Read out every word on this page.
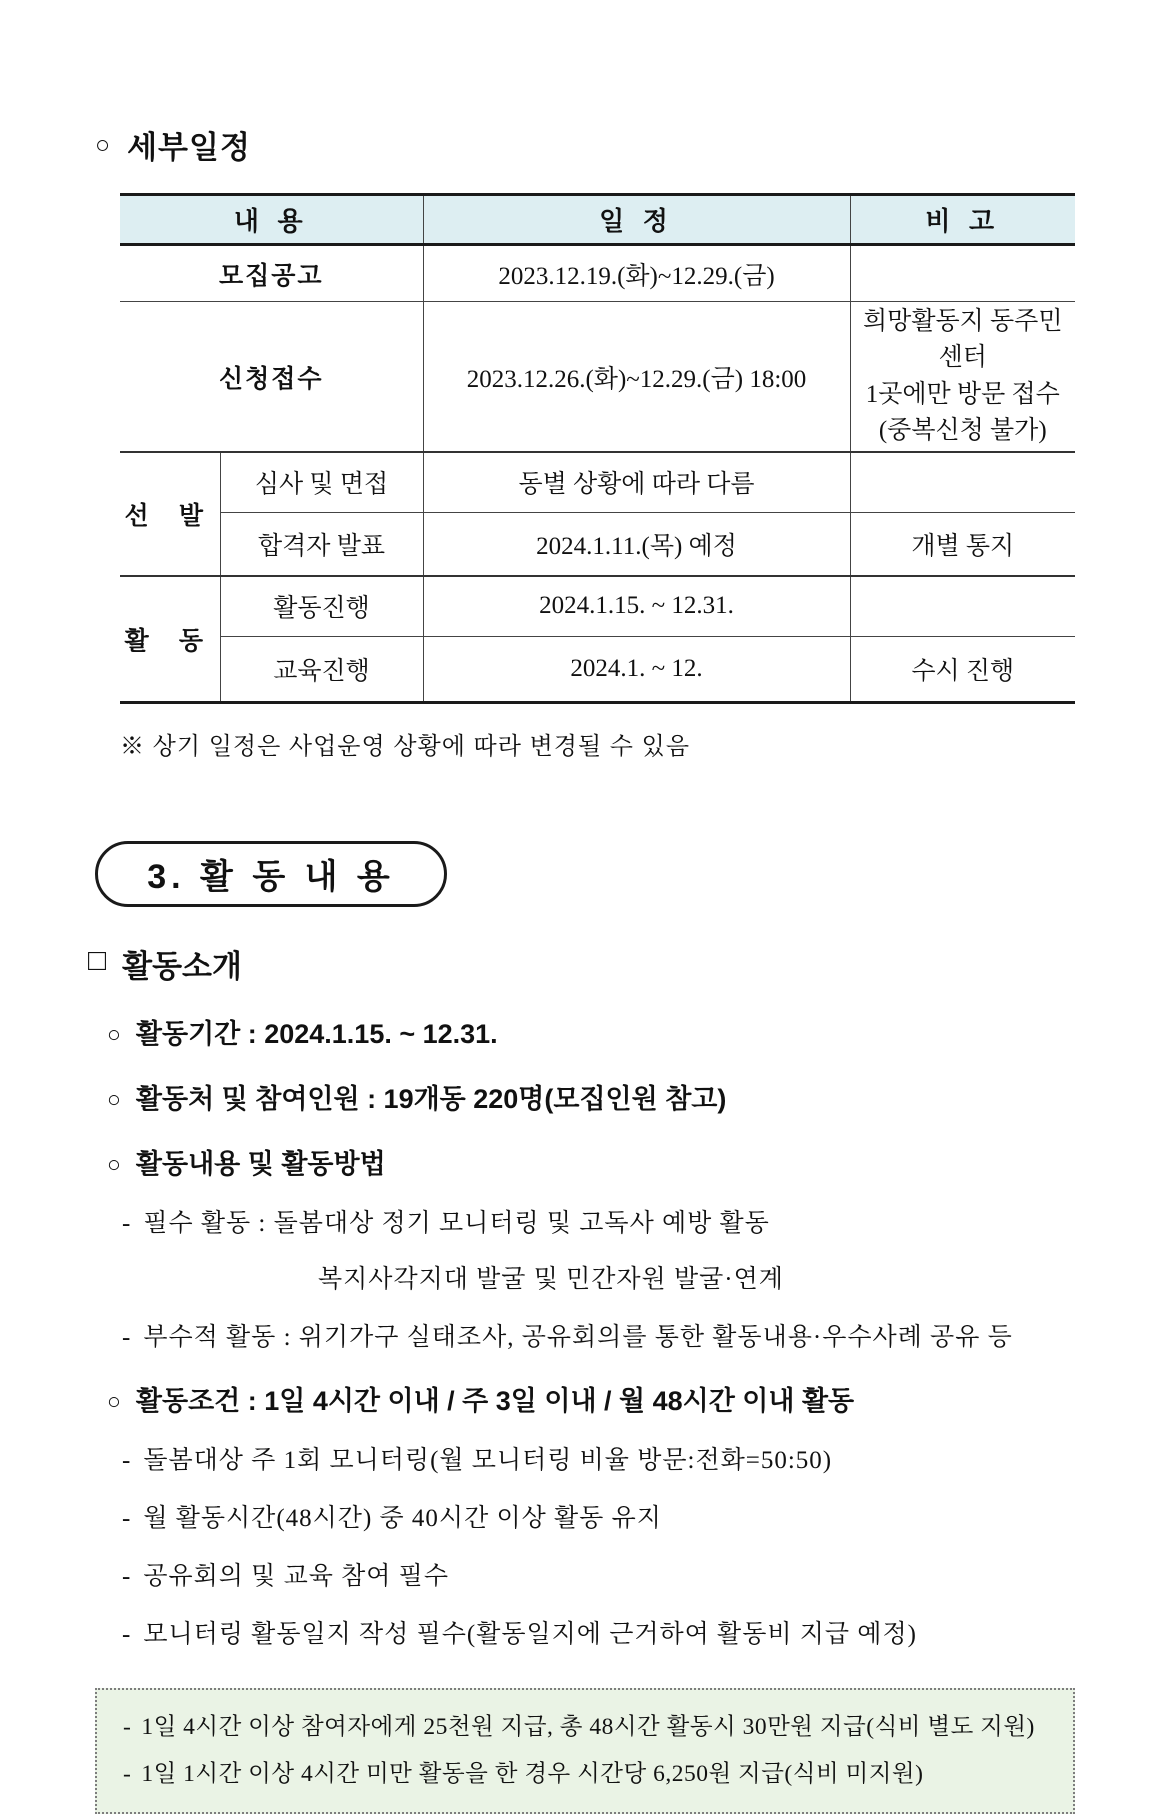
○ 세부일정
내 용		일 정	비 고
모집공고		2023.12.19.(화)~12.29.(금)	
신청접수		2023.12.26.(화)~12.29.(금) 18:00	희망활동지 동주민센터
1곳에만 방문 접수
(중복신청 불가)

선 발	심사 및 면접	동별 상황에 따라 다름	
	합격자 발표	2024.1.11.(목) 예정	개별 통지
활 동	활동진행	2024.1.15. ~ 12.31.	
	교육진행	2024.1. ~ 12.	수시 진행

※ 상기 일정은 사업운영 상황에 따라 변경될 수 있음

3. 활 동 내 용
□ 활동소개
○ 활동기간 : 2024.1.15. ~ 12.31.
○ 활동처 및 참여인원 : 19개동 220명(모집인원 참고)
○ 활동내용 및 활동방법
- 필수 활동 : 돌봄대상 정기 모니터링 및 고독사 예방 활동
복지사각지대 발굴 및 민간자원 발굴·연계
- 부수적 활동 : 위기가구 실태조사, 공유회의를 통한 활동내용·우수사례 공유 등
○ 활동조건 : 1일 4시간 이내 / 주 3일 이내 / 월 48시간 이내 활동
- 돌봄대상 주 1회 모니터링(월 모니터링 비율 방문:전화=50:50)
- 월 활동시간(48시간) 중 40시간 이상 활동 유지
- 공유회의 및 교육 참여 필수
- 모니터링 활동일지 작성 필수(활동일지에 근거하여 활동비 지급 예정)
- 1일 4시간 이상 참여자에게 25천원 지급, 총 48시간 활동시 30만원 지급(식비 별도 지원)
- 1일 1시간 이상 4시간 미만 활동을 한 경우 시간당 6,250원 지급(식비 미지원)
